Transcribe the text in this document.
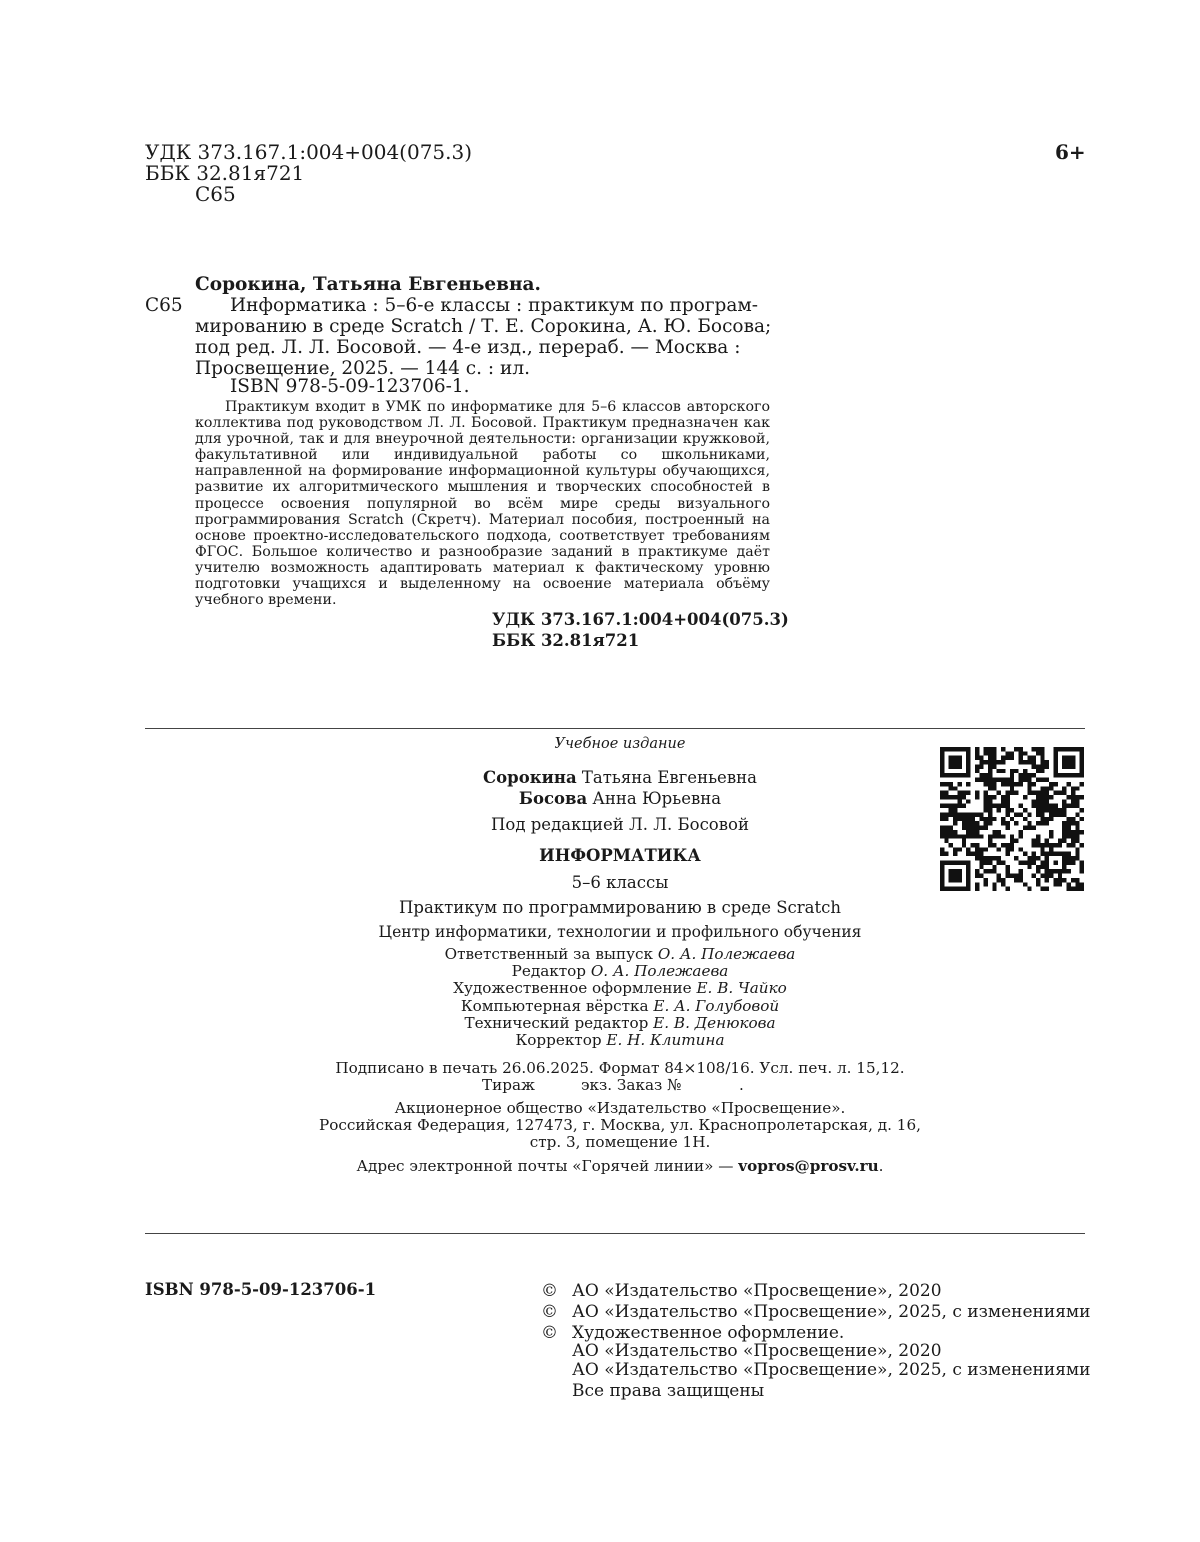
УДК 373.167.1:004+004(075.3)
ББК 32.81я721
С65
6+
Сорокина, Татьяна Евгеньевна.
С65	Информатика : 5–6-е классы : практикум по програм-
мированию в среде Scratch / Т. Е. Сорокина, А. Ю. Босова;
под ред. Л. Л. Босовой. — 4-е изд., перераб. — Москва :
Просвещение, 2025. — 144 с. : ил.
ISBN 978-5-09-123706-1.

Практикум входит в УМК по информатике для 5–6 классов авторского коллектива под руководством Л. Л. Босовой. Практикум предназначен как для урочной, так и для внеурочной деятельности: организации кружковой, факультативной или индивидуальной работы со школьниками, направленной на формирование информационной культуры обучающихся, развитие их алгоритмического мышления и творческих способностей в процессе освоения популярной во всём мире среды визуального программирования Scratch (Скретч). Материал пособия, построенный на основе проектно-исследовательского подхода, соответствует требованиям ФГОС. Большое количество и разнообразие заданий в практикуме даёт учителю возможность адаптировать материал к фактическому уровню подготовки учащихся и выделенному на освоение материала объёму учебного времени.

УДК 373.167.1:004+004(075.3)
ББК 32.81я721
Учебное издание
Сорокина Татьяна Евгеньевна
Босова Анна Юрьевна
Под редакцией Л. Л. Босовой
ИНФОРМАТИКА
5–6 классы
Практикум по программированию в среде Scratch
Центр информатики, технологии и профильного обучения
Ответственный за выпуск О. А. Полежаева
Редактор О. А. Полежаева
Художественное оформление Е. В. Чайко
Компьютерная вёрстка Е. А. Голубовой
Технический редактор Е. В. Денюкова
Корректор Е. Н. Клитина
Подписано в печать 26.06.2025. Формат 84×108/16. Усл. печ. л. 15,12.
Тираж	экз. Заказ №	.
Акционерное общество «Издательство «Просвещение».
Российская Федерация, 127473, г. Москва, ул. Краснопролетарская, д. 16,
стр. 3, помещение 1Н.
Адрес электронной почты «Горячей линии» — vopros@prosv.ru.
ISBN 978-5-09-123706-1	© АО «Издательство «Просвещение», 2020
© АО «Издательство «Просвещение», 2025, с изменениями
© Художественное оформление.
АО «Издательство «Просвещение», 2020
АО «Издательство «Просвещение», 2025, с изменениями
Все права защищены
